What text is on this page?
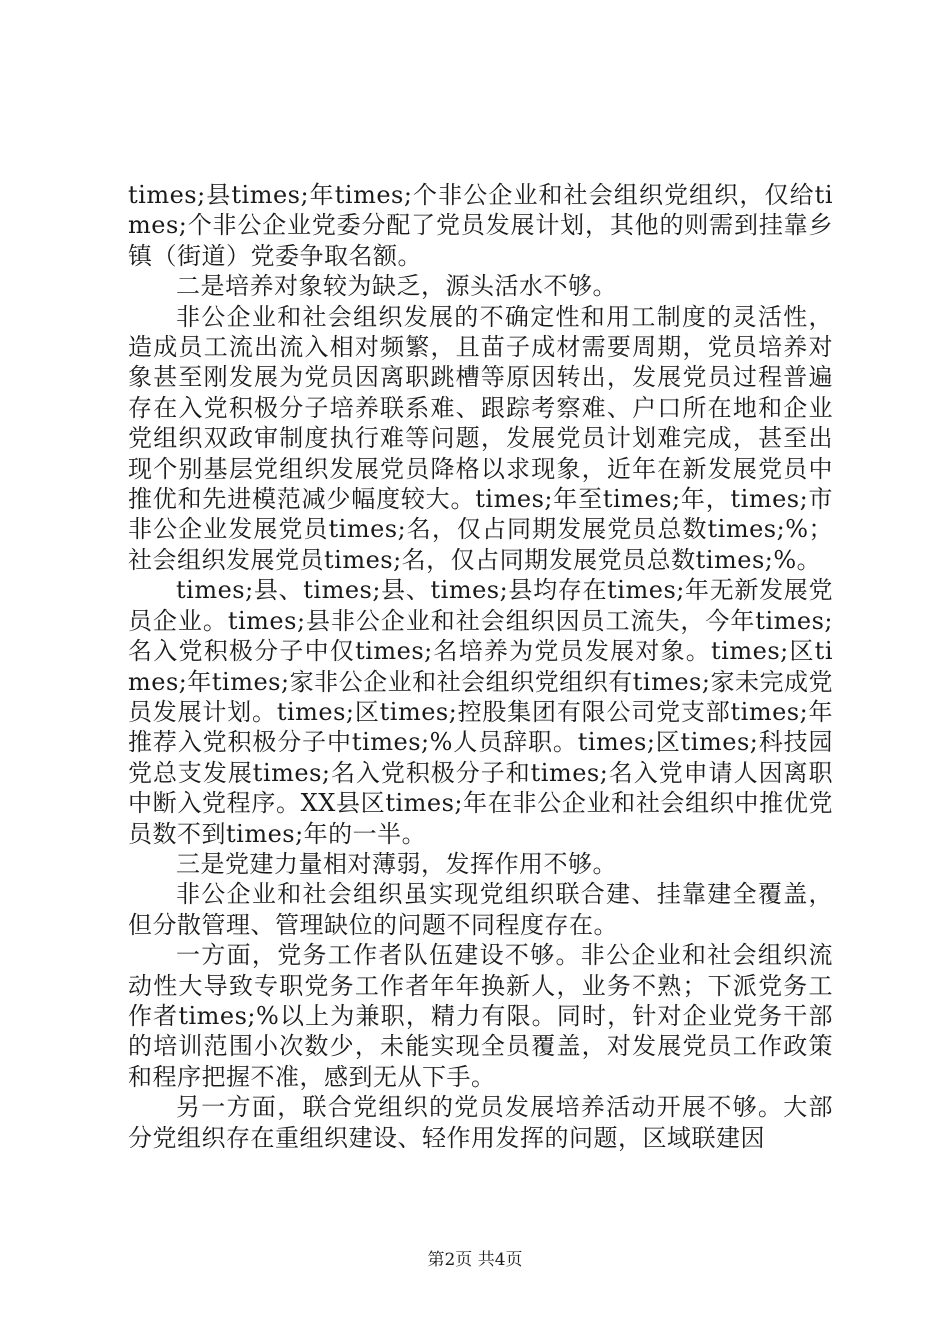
times;县times;年times;个非公企业和社会组织党组织，仅给times;个非公企业党委分配了党员发展计划，其他的则需到挂靠乡镇（街道）党委争取名额。

二是培养对象较为缺乏，源头活水不够。

非公企业和社会组织发展的不确定性和用工制度的灵活性，造成员工流出流入相对频繁，且苗子成材需要周期，党员培养对象甚至刚发展为党员因离职跳槽等原因转出，发展党员过程普遍存在入党积极分子培养联系难、跟踪考察难、户口所在地和企业党组织双政审制度执行难等问题，发展党员计划难完成，甚至出现个别基层党组织发展党员降格以求现象，近年在新发展党员中推优和先进模范减少幅度较大。times;年至times;年，times;市非公企业发展党员times;名，仅占同期发展党员总数times;%；社会组织发展党员times;名，仅占同期发展党员总数times;%。

times;县、times;县、times;县均存在times;年无新发展党员企业。times;县非公企业和社会组织因员工流失，今年times;名入党积极分子中仅times;名培养为党员发展对象。times;区times;年times;家非公企业和社会组织党组织有times;家未完成党员发展计划。times;区times;控股集团有限公司党支部times;年推荐入党积极分子中times;%人员辞职。times;区times;科技园党总支发展times;名入党积极分子和times;名入党申请人因离职中断入党程序。XX县区times;年在非公企业和社会组织中推优党员数不到times;年的一半。

三是党建力量相对薄弱，发挥作用不够。

非公企业和社会组织虽实现党组织联合建、挂靠建全覆盖，但分散管理、管理缺位的问题不同程度存在。

一方面，党务工作者队伍建设不够。非公企业和社会组织流动性大导致专职党务工作者年年换新人，业务不熟；下派党务工作者times;%以上为兼职，精力有限。同时，针对企业党务干部的培训范围小次数少，未能实现全员覆盖，对发展党员工作政策和程序把握不准，感到无从下手。

另一方面，联合党组织的党员发展培养活动开展不够。大部分党组织存在重组织建设、轻作用发挥的问题，区域联建因

第2页 共4页
